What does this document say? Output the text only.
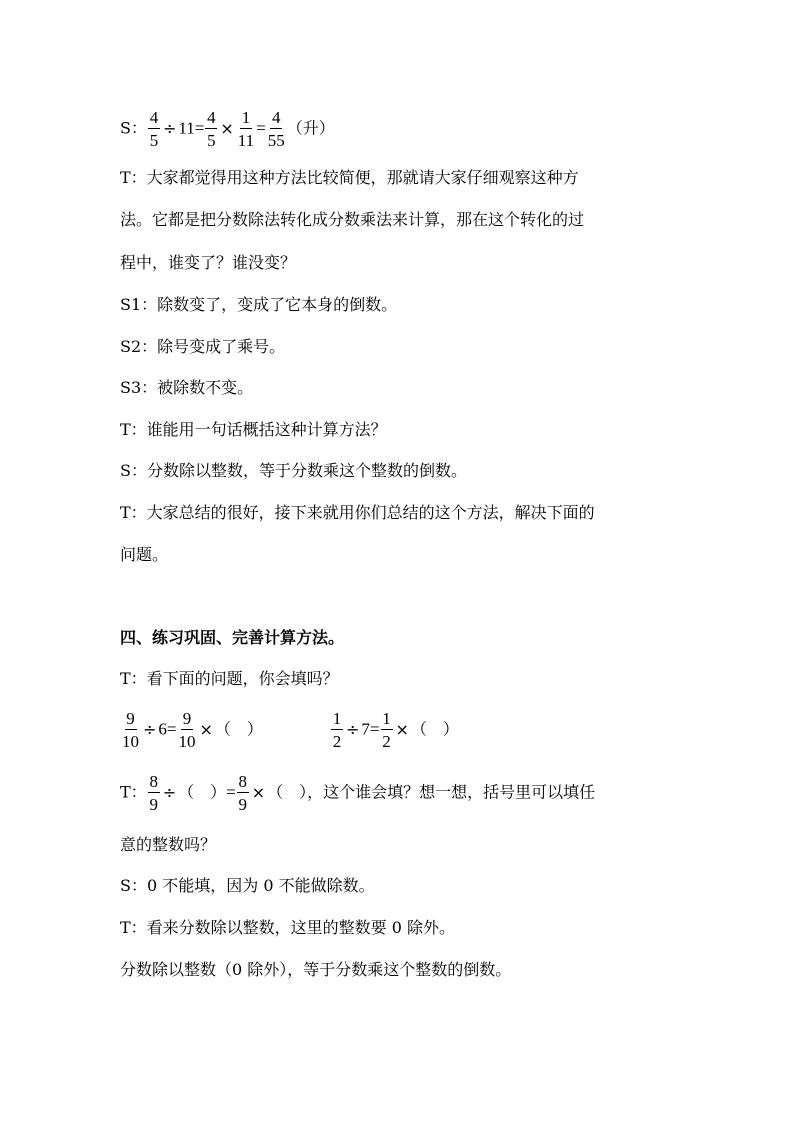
S： $\frac{4}{5} \div 11= \frac{4}{5} \times \frac{1}{11} = \frac{4}{55}$ （升）
T：大家都觉得用这种方法比较简便，那就请大家仔细观察这种方
法。它都是把分数除法转化成分数乘法来计算，那在这个转化的过
程中，谁变了？谁没变？
S1：除数变了，变成了它本身的倒数。
S2：除号变成了乘号。
S3：被除数不变。
T：谁能用一句话概括这种计算方法？
S：分数除以整数，等于分数乘这个整数的倒数。
T：大家总结的很好，接下来就用你们总结的这个方法，解决下面的
问题。
四、练习巩固、完善计算方法。
T：看下面的问题，你会填吗？
$\frac{9}{10} \div 6= \frac{9}{10}$ × （　）	$\frac{1}{2} \div 7= \frac{1}{2}$ × （　）
T： $\frac{8}{9}$ ÷ （　）= $\frac{8}{9}$ × （　），这个谁会填？想一想，括号里可以填任
意的整数吗？
S：0 不能填，因为 0 不能做除数。
T：看来分数除以整数，这里的整数要 0 除外。
分数除以整数（0 除外），等于分数乘这个整数的倒数。
